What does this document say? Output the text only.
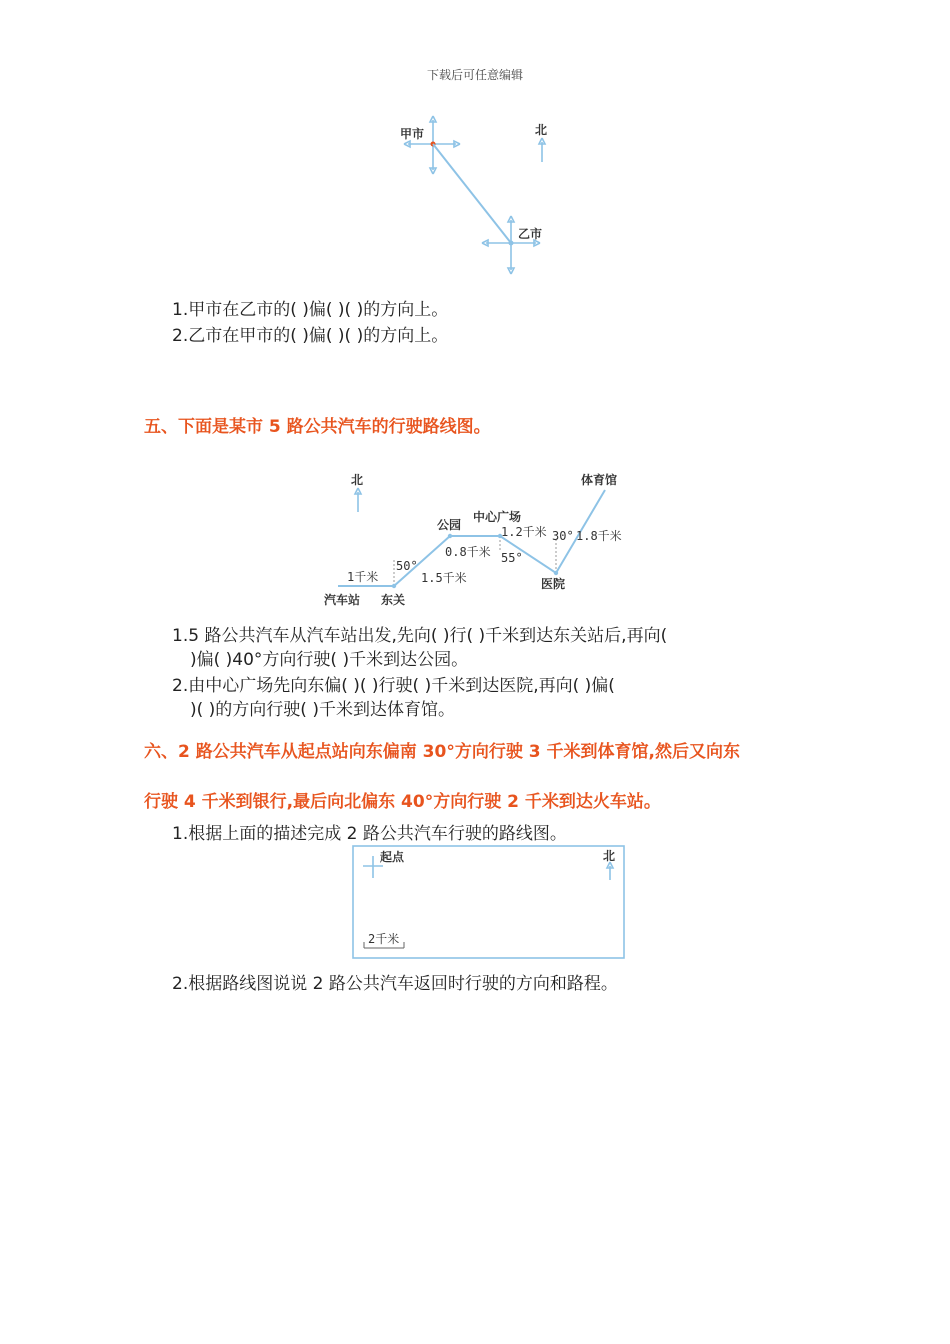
下载后可任意编辑
甲市
乙市
北
1.甲市在乙市的( )偏( )( )的方向上。
2.乙市在甲市的( )偏( )( )的方向上。
五、下面是某市 5 路公共汽车的行驶路线图。
北
汽车站 东关
公园
中心广场
医院
体育馆
1千米	1.5千米
0.8千米
1.2千米 1.8千米
50°
55°
30°
1.5 路公共汽车从汽车站出发,先向( )行( )千米到达东关站后,再向(
)偏( )40°方向行驶( )千米到达公园。
2.由中心广场先向东偏( )( )行驶( )千米到达医院,再向( )偏(
)( )的方向行驶( )千米到达体育馆。
六、2 路公共汽车从起点站向东偏南 30°方向行驶 3 千米到体育馆,然后又向东
行驶 4 千米到银行,最后向北偏东 40°方向行驶 2 千米到达火车站。
1.根据上面的描述完成 2 路公共汽车行驶的路线图。
起点	北
2千米
2.根据路线图说说 2 路公共汽车返回时行驶的方向和路程。
